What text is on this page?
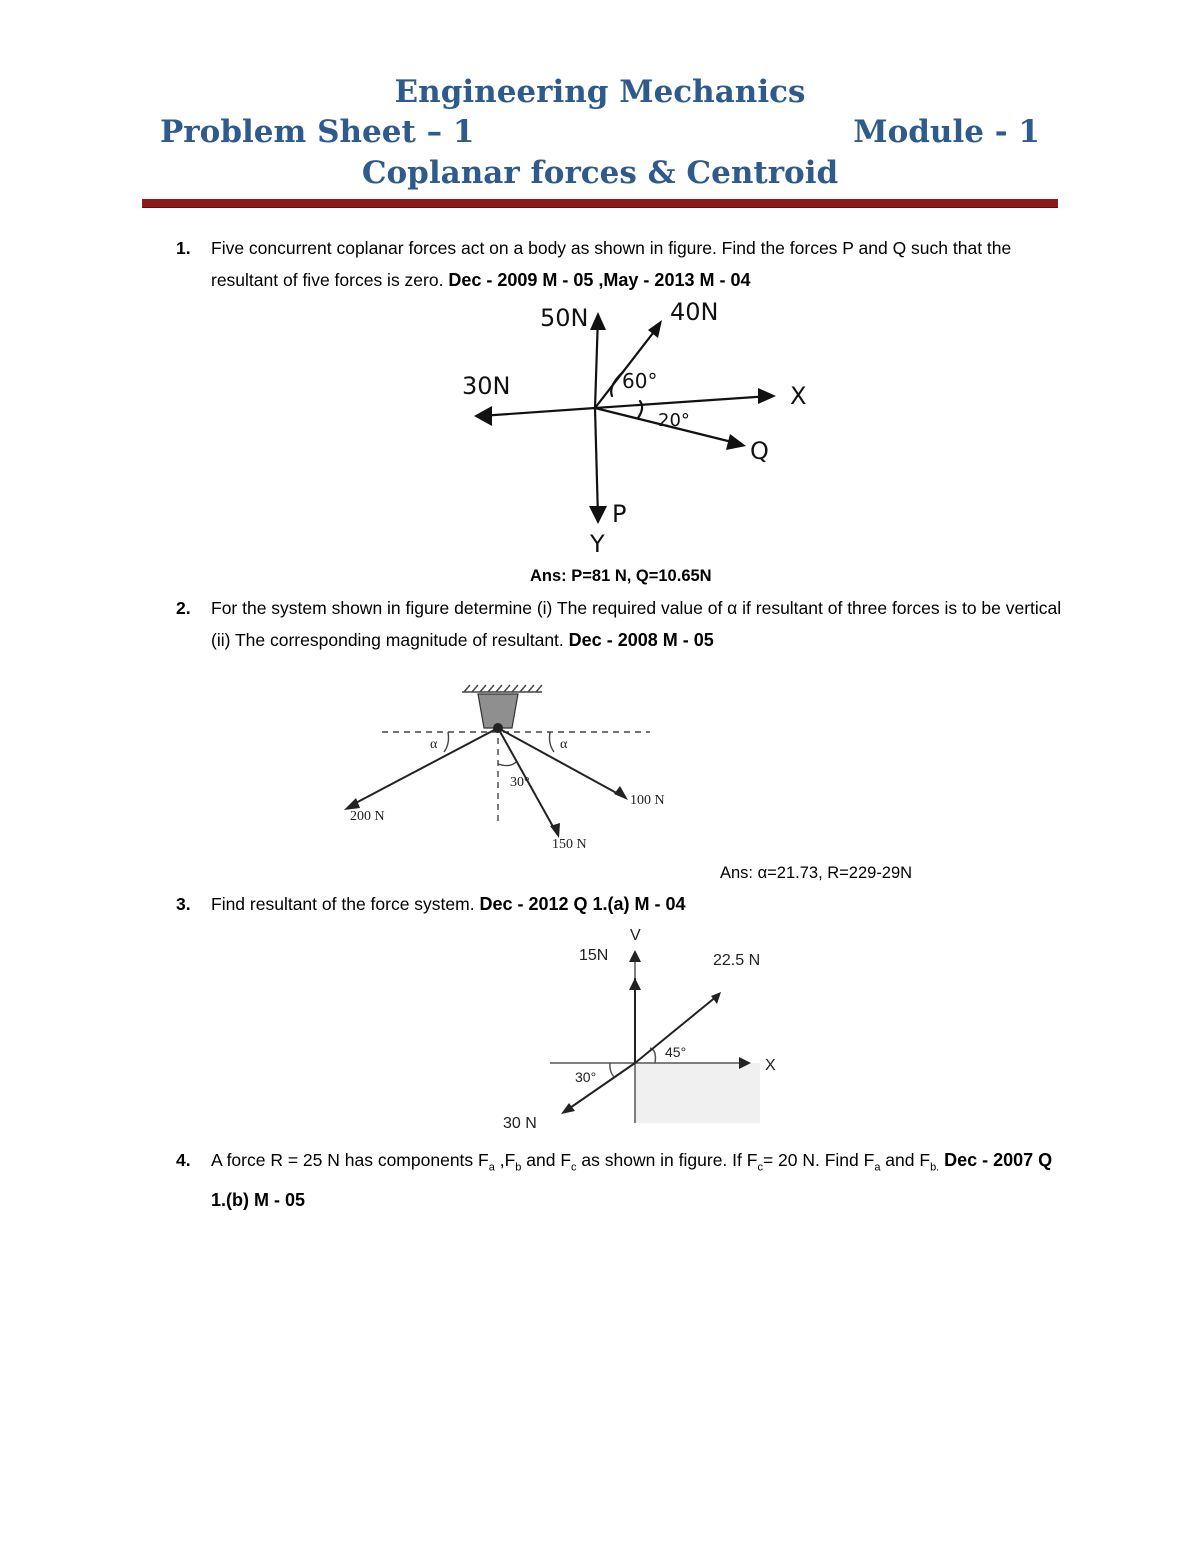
Engineering Mechanics
Problem Sheet – 1	Module - 1
Coplanar forces & Centroid
1. Five concurrent coplanar forces act on a body as shown in figure. Find the forces P and Q such that the resultant of five forces is zero. Dec - 2009 M - 05 ,May - 2013 M - 04
50N	40N
30N	60°
20°
X
Q
P
Y
Ans: P=81 N, Q=10.65N
2. For the system shown in figure determine (i) The required value of α if resultant of three forces is to be vertical (ii) The corresponding magnitude of resultant. Dec - 2008 M - 05
α	α
30°
200 N
150 N
100 N
Ans: α=21.73, R=229-29N
3. Find resultant of the force system. Dec - 2012 Q 1.(a) M - 04
V
15N	22.5 N
45°
X
30°
30 N
4. A force R = 25 N has components $F_a$ $,F_b$ and $F_c$ as shown in figure. If $F_c= 20$ N. Find $F_a$ and $F_{b.}$ Dec - 2007 Q 1.(b) M - 05
